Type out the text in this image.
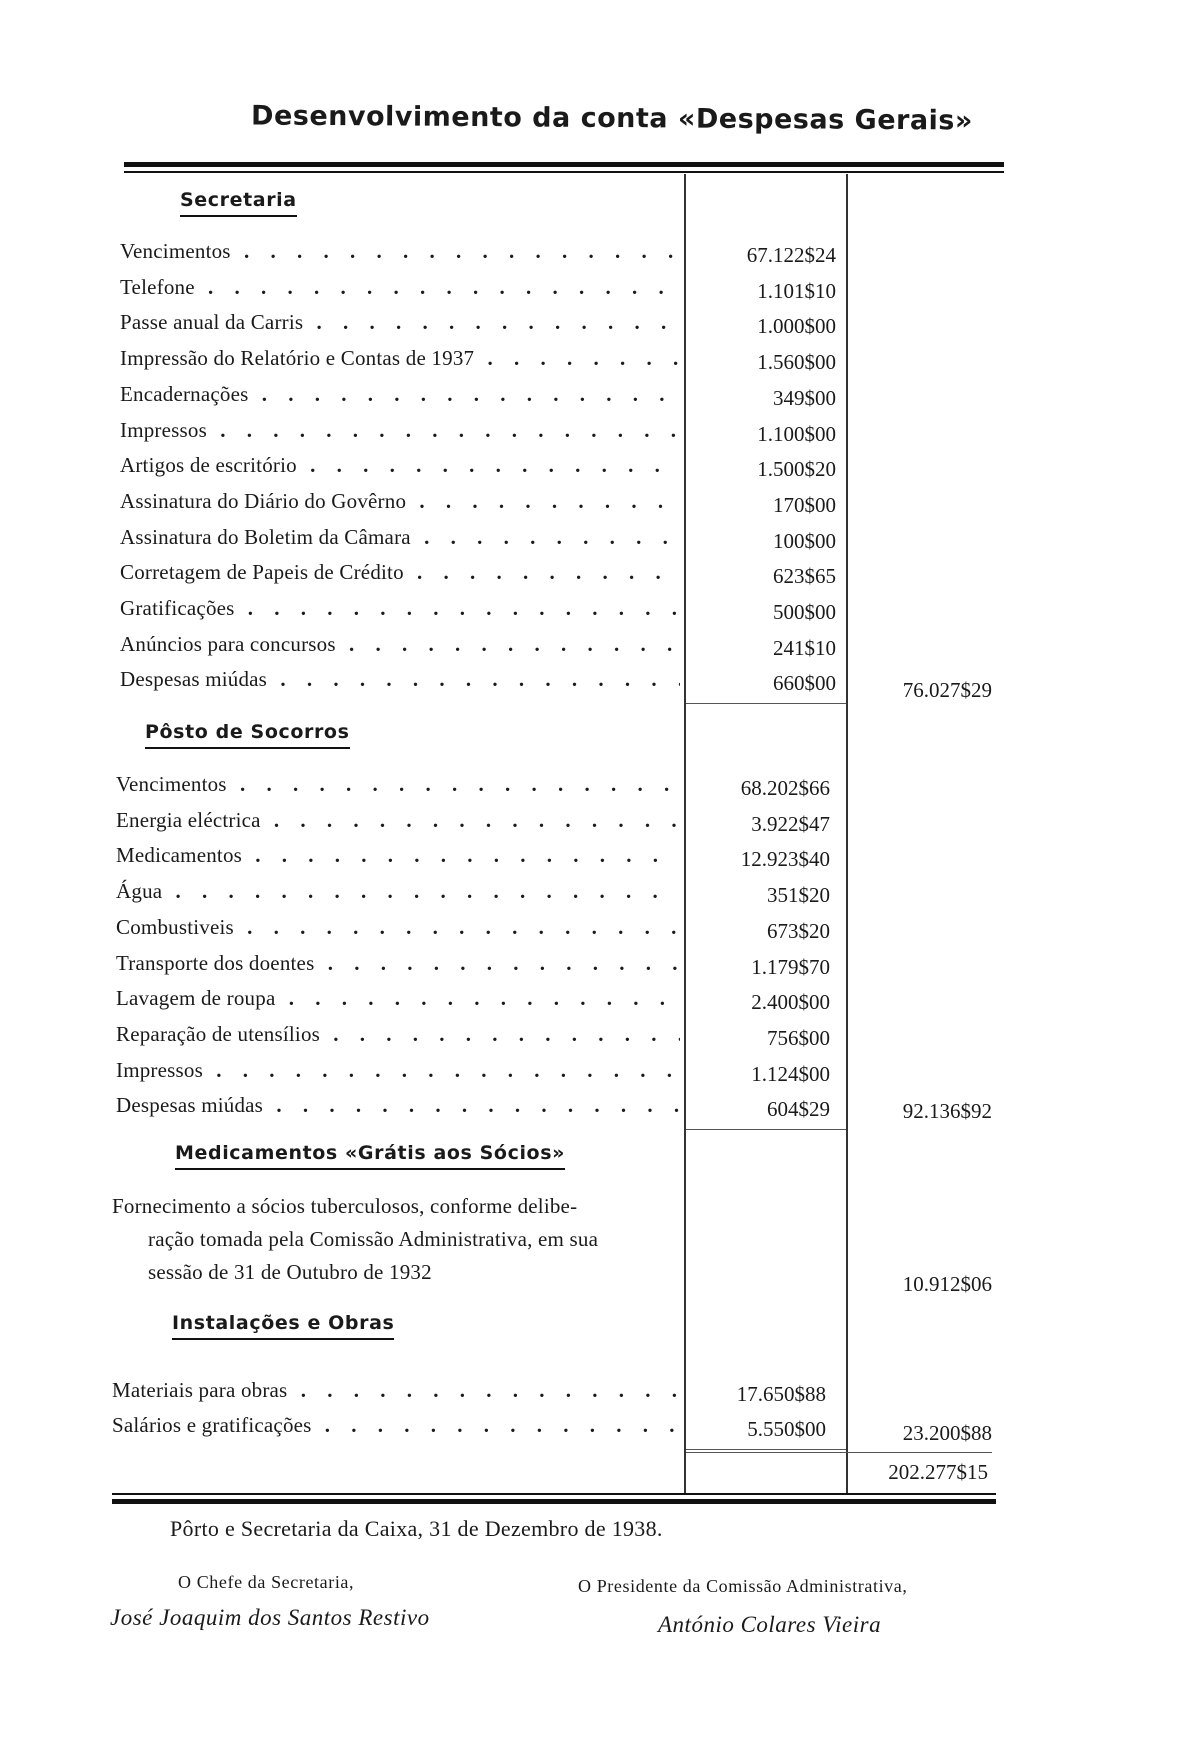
Desenvolvimento da conta «Despesas Gerais»
Secretaria
Vencimentos . . .	67.122$24
Telefone . . .	1.101$10
Passe anual da Carris . . .	1.000$00
Impressão do Relatório e Contas de 1937 . . .	1.560$00
Encadernações . . .	349$00
Impressos . . .	1.100$00
Artigos de escritório . . .	1.500$20
Assinatura do Diário do Govêrno . . .	170$00
Assinatura do Boletim da Câmara . . .	100$00
Corretagem de Papeis de Crédito . . .	623$65
Gratificações . . .	500$00
Anúncios para concursos . . .	241$10
Despesas miúdas . . .	660$00	76.027$29
Pôsto de Socorros
Vencimentos . . .	68.202$66
Energia eléctrica . . .	3.922$47
Medicamentos . . .	12.923$40
Água . . .	351$20
Combustiveis . . .	673$20
Transporte dos doentes . . .	1.179$70
Lavagem de roupa . . .	2.400$00
Reparação de utensílios . . .	756$00
Impressos . . .	1.124$00
Despesas miúdas . . .	604$29	92.136$92
Medicamentos «Grátis aos Sócios»
Fornecimento a sócios tuberculosos, conforme delibe-
ração tomada pela Comissão Administrativa, em sua
sessão de 31 de Outubro de 1932	10.912$06
Instalações e Obras
Materiais para obras . . .	17.650$88
Salários e gratificações . . .	5.550$00	23.200$88
202.277$15
Pôrto e Secretaria da Caixa, 31 de Dezembro de 1938.
O Chefe da Secretaria,
José Joaquim dos Santos Restivo
O Presidente da Comissão Administrativa,
António Colares Vieira
